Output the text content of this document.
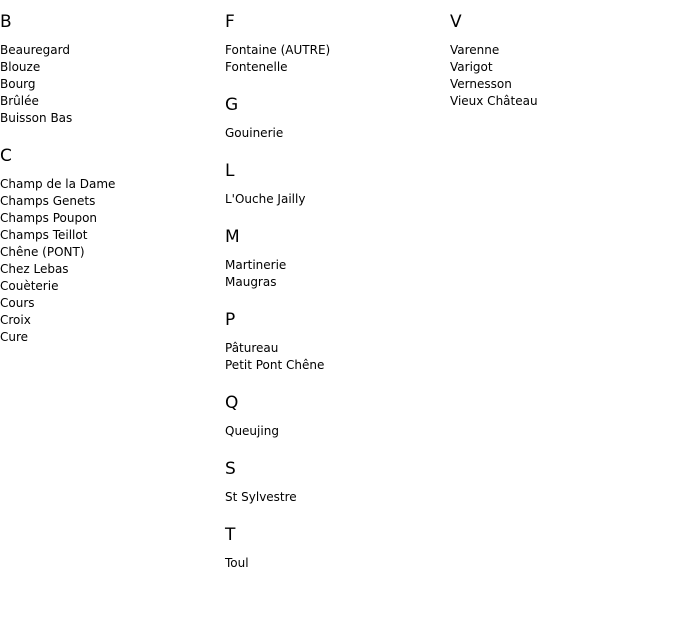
B
Beauregard
Blouze
Bourg
Brûlée
Buisson Bas
C
Champ de la Dame
Champs Genets
Champs Poupon
Champs Teillot
Chêne (PONT)
Chez Lebas
Couèterie
Cours
Croix
Cure
F
Fontaine (AUTRE)
Fontenelle
G
Gouinerie
L
L'Ouche Jailly
M
Martinerie
Maugras
P
Pâtureau
Petit Pont Chêne
Q
Queujing
S
St Sylvestre
T
Toul
V
Varenne
Varigot
Vernesson
Vieux Château
